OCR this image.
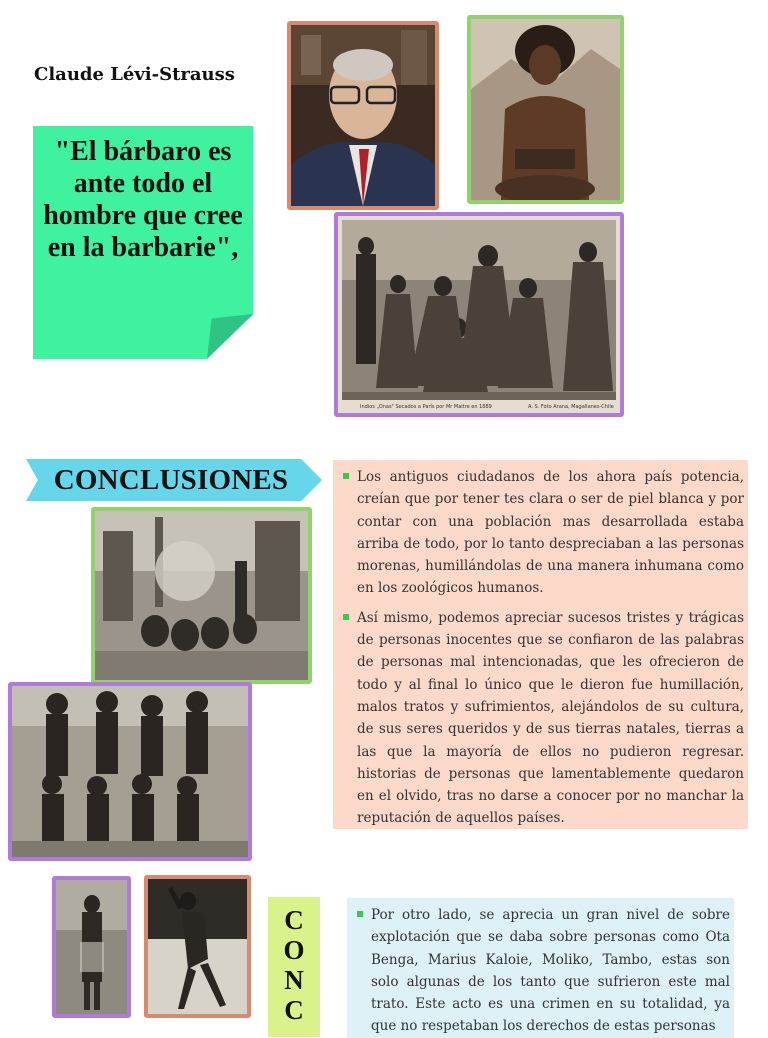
Claude Lévi-Strauss
"El bárbaro es ante todo el hombre que cree en la barbarie",
Indios „Onas" Secados a París por Mr Maitre en 1889	A. S. Foto Arana, Magallanes-Chile
CONCLUSIONES	Los antiguos ciudadanos de los ahora país potencia, creían que por tener tes clara o ser de piel blanca y por contar con una población mas desarrollada estaba arriba de todo, por lo tanto despreciaban a las personas morenas, humillándolas de una manera inhumana como en los zoológicos humanos.
Así mismo, podemos apreciar sucesos tristes y trágicas de personas inocentes que se confiaron de las palabras de personas mal intencionadas, que les ofrecieron de todo y al final lo único que le dieron fue humillación, malos tratos y sufrimientos, alejándolos de su cultura, de sus seres queridos y de sus tierras natales, tierras a las que la mayoría de ellos no pudieron regresar. historias de personas que lamentablemente quedaron en el olvido, tras no darse a conocer por no manchar la reputación de aquellos países.
C
O
N
C
Por otro lado, se aprecia un gran nivel de sobre explotación que se daba sobre personas como Ota Benga, Marius Kaloie, Moliko, Tambo, estas son solo algunas de los tanto que sufrieron este mal trato. Este acto es una crimen en su totalidad, ya que no respetaban los derechos de estas personas
